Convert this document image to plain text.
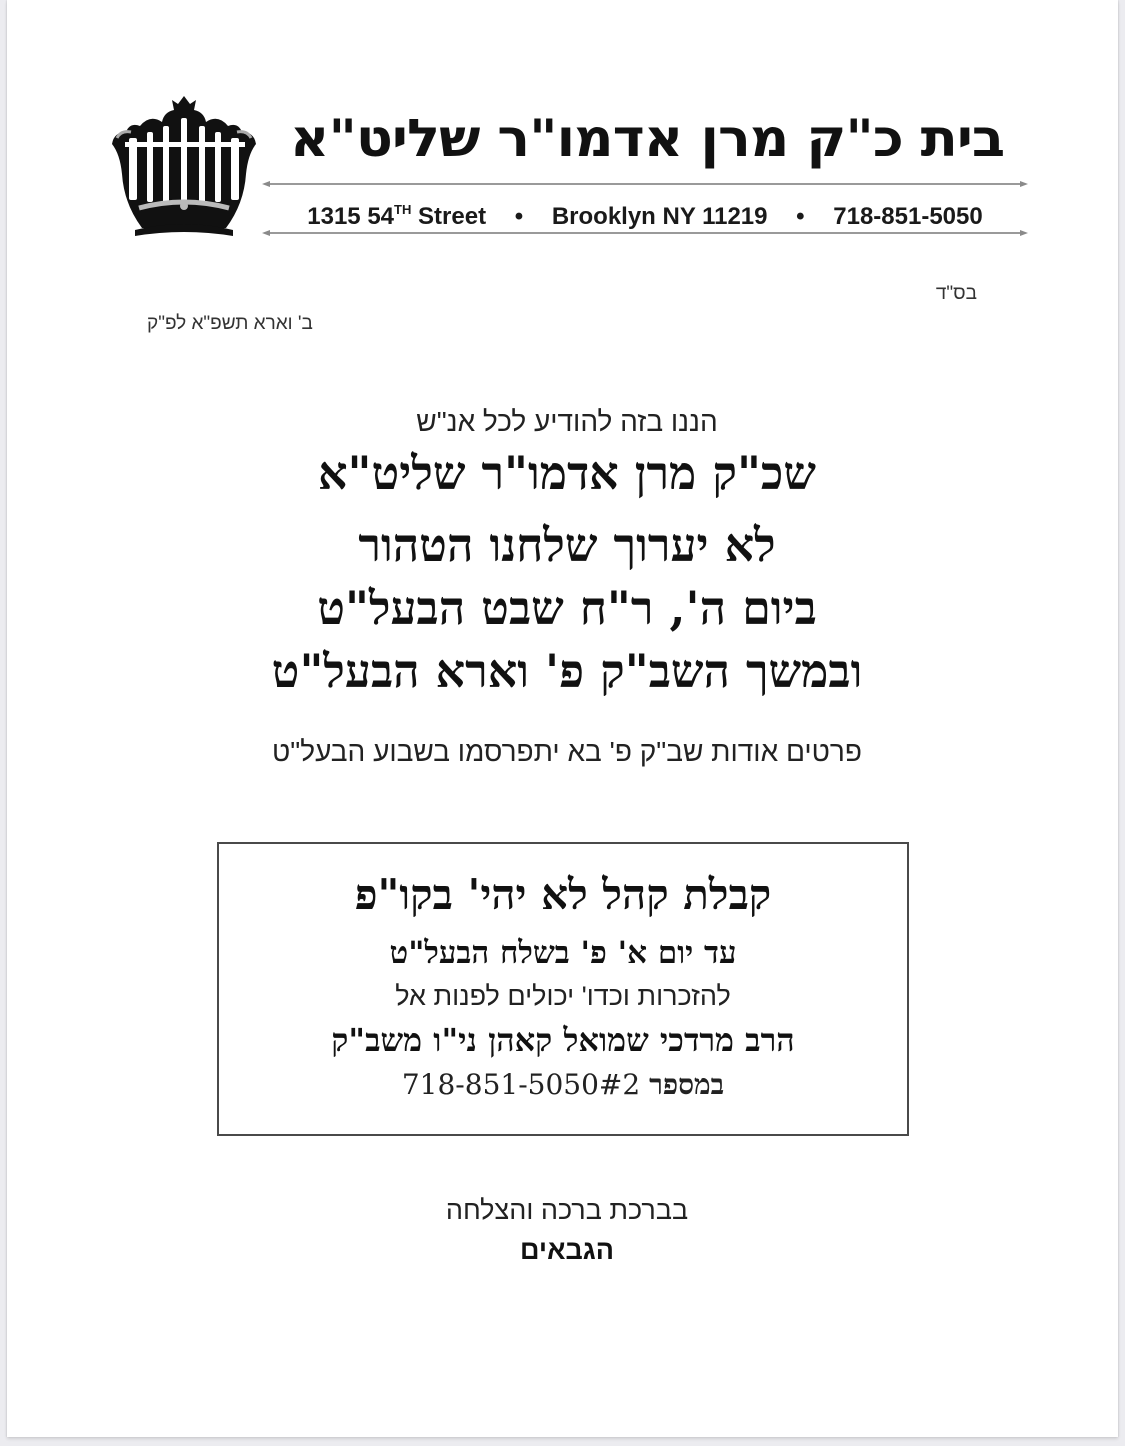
בית כ"ק מרן אדמו"ר שליט"א
1315 54TH Street • Brooklyn NY 11219 • 718-851-5050
בס"ד
ב' וארא תשפ"א לפ"ק
הננו בזה להודיע לכל אנ"ש
שכ"ק מרן אדמו"ר שליט"א
לא יערוך שלחנו הטהור
ביום ה', ר"ח שבט הבעל"ט
ובמשך השב"ק פ' וארא הבעל"ט
פרטים אודות שב"ק פ' בא יתפרסמו בשבוע הבעל"ט
קבלת קהל לא יהי' בקו"פ
עד יום א' פ' בשלח הבעל"ט
להזכרות וכדו' יכולים לפנות אל
הרב מרדכי שמואל קאהן ני"ו משב"ק
במספר 718-851-5050#2
בברכת ברכה והצלחה
הגבאים
